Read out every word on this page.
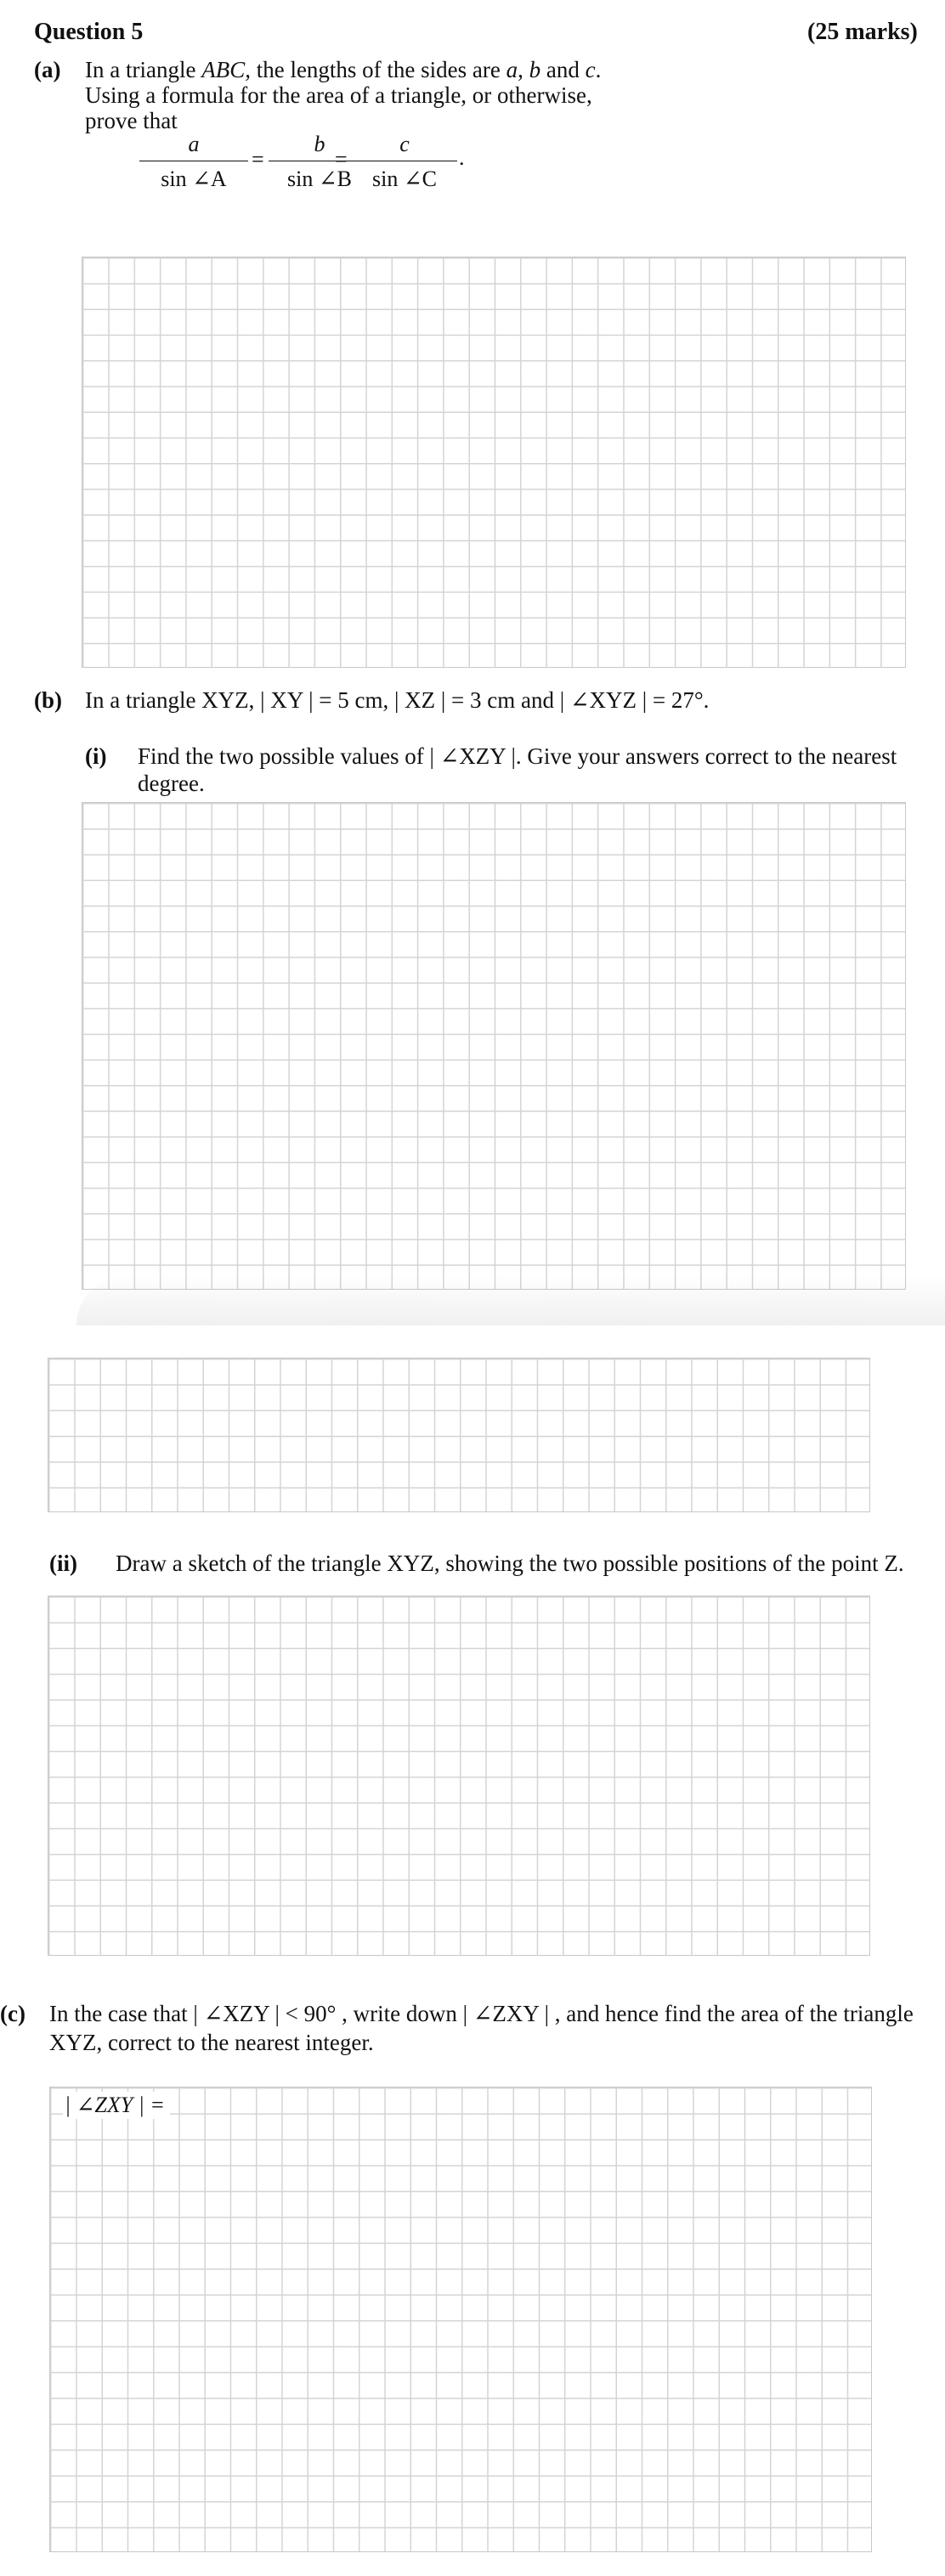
Question 5	(25 marks)
(a) In a triangle ABC, the lengths of the sides are a, b and c.
Using a formula for the area of a triangle, or otherwise,
prove that
a
sin ∠A
=
b
sin ∠B
=
c
sin ∠C
.
(b) In a triangle XYZ, | XY | = 5 cm, | XZ | = 3 cm and | ∠XYZ | = 27°.
(i) Find the two possible values of | ∠XZY |. Give your answers correct to the nearest
degree.
(ii) Draw a sketch of the triangle XYZ, showing the two possible positions of the point Z.
(c) In the case that | ∠XZY | < 90° , write down | ∠ZXY | , and hence find the area of the triangle
XYZ, correct to the nearest integer.
| ∠ZXY | =
